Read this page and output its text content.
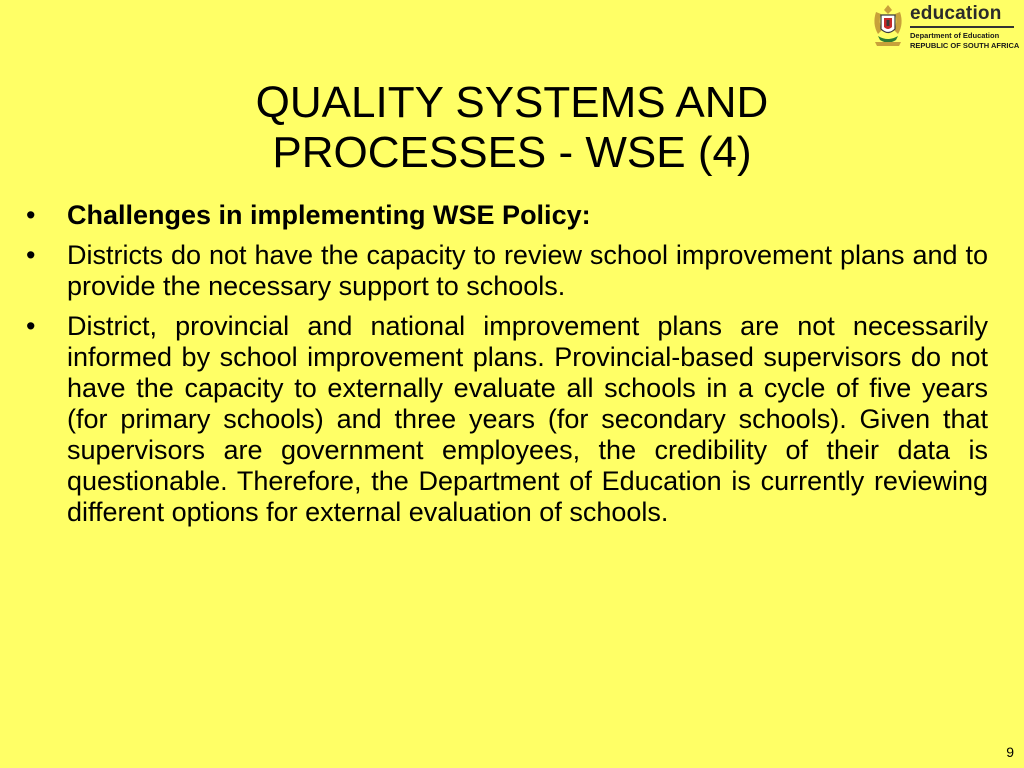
education
Department of Education
REPUBLIC OF SOUTH AFRICA
QUALITY SYSTEMS AND
PROCESSES - WSE (4)
•	Challenges in implementing WSE Policy:
•	Districts do not have the capacity to review school improvement plans and to provide the necessary support to schools.
•	District, provincial and national improvement plans are not necessarily informed by school improvement plans. Provincial-based supervisors do not have the capacity to externally evaluate all schools in a cycle of five years (for primary schools) and three years (for secondary schools). Given that supervisors are government employees, the credibility of their data is questionable. Therefore, the Department of Education is currently reviewing different options for external evaluation of schools.
9
